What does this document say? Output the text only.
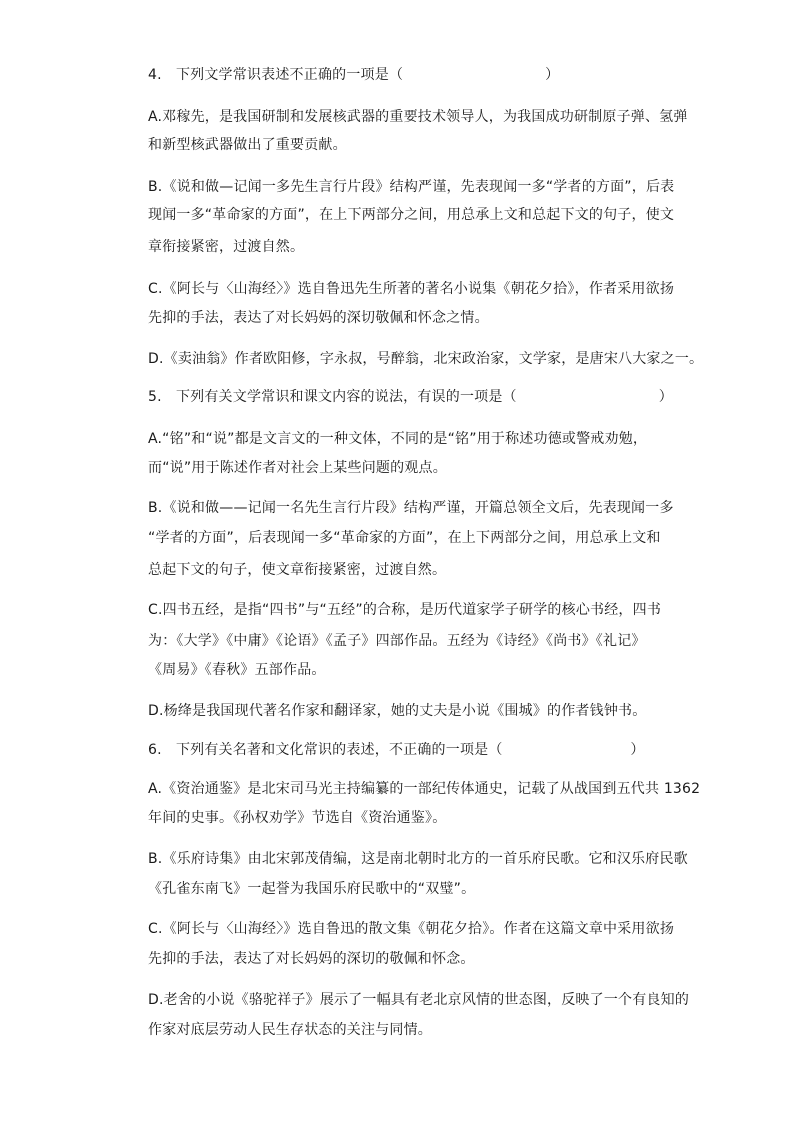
4.　下列文学常识表述不正确的一项是（　　　　　　　　　　）
A.邓稼先，是我国研制和发展核武器的重要技术领导人，为我国成功研制原子弹、氢弹
和新型核武器做出了重要贡献。
B.《说和做—记闻一多先生言行片段》结构严谨，先表现闻一多“学者的方面”，后表
现闻一多“革命家的方面”，在上下两部分之间，用总承上文和总起下文的句子，使文
章衔接紧密，过渡自然。
C.《阿长与〈山海经〉》选自鲁迅先生所著的著名小说集《朝花夕拾》，作者采用欲扬
先抑的手法，表达了对长妈妈的深切敬佩和怀念之情。
D.《卖油翁》作者欧阳修，字永叔，号醉翁，北宋政治家，文学家，是唐宋八大家之一。
5.　下列有关文学常识和课文内容的说法，有误的一项是（　　　　　　　　　　）
A.“铭”和“说”都是文言文的一种文体，不同的是“铭”用于称述功德或警戒劝勉，
而“说”用于陈述作者对社会上某些问题的观点。
B.《说和做——记闻一名先生言行片段》结构严谨，开篇总领全文后，先表现闻一多
“学者的方面”，后表现闻一多“革命家的方面”，在上下两部分之间，用总承上文和
总起下文的句子，使文章衔接紧密，过渡自然。
C.四书五经，是指“四书”与“五经”的合称，是历代道家学子研学的核心书经，四书
为：《大学》《中庸》《论语》《孟子》四部作品。五经为《诗经》《尚书》《礼记》
《周易》《春秋》五部作品。
D.杨绛是我国现代著名作家和翻译家，她的丈夫是小说《围城》的作者钱钟书。
6.　下列有关名著和文化常识的表述，不正确的一项是（　　　　　　　　　）
A.《资治通鉴》是北宋司马光主持编纂的一部纪传体通史，记载了从战国到五代共 1362
年间的史事。《孙权劝学》节选自《资治通鉴》。
B.《乐府诗集》由北宋郭茂倩编，这是南北朝时北方的一首乐府民歌。它和汉乐府民歌
《孔雀东南飞》一起誉为我国乐府民歌中的“双璧”。
C.《阿长与〈山海经〉》选自鲁迅的散文集《朝花夕拾》。作者在这篇文章中采用欲扬
先抑的手法，表达了对长妈妈的深切的敬佩和怀念。
D.老舍的小说《骆驼祥子》展示了一幅具有老北京风情的世态图，反映了一个有良知的
作家对底层劳动人民生存状态的关注与同情。
